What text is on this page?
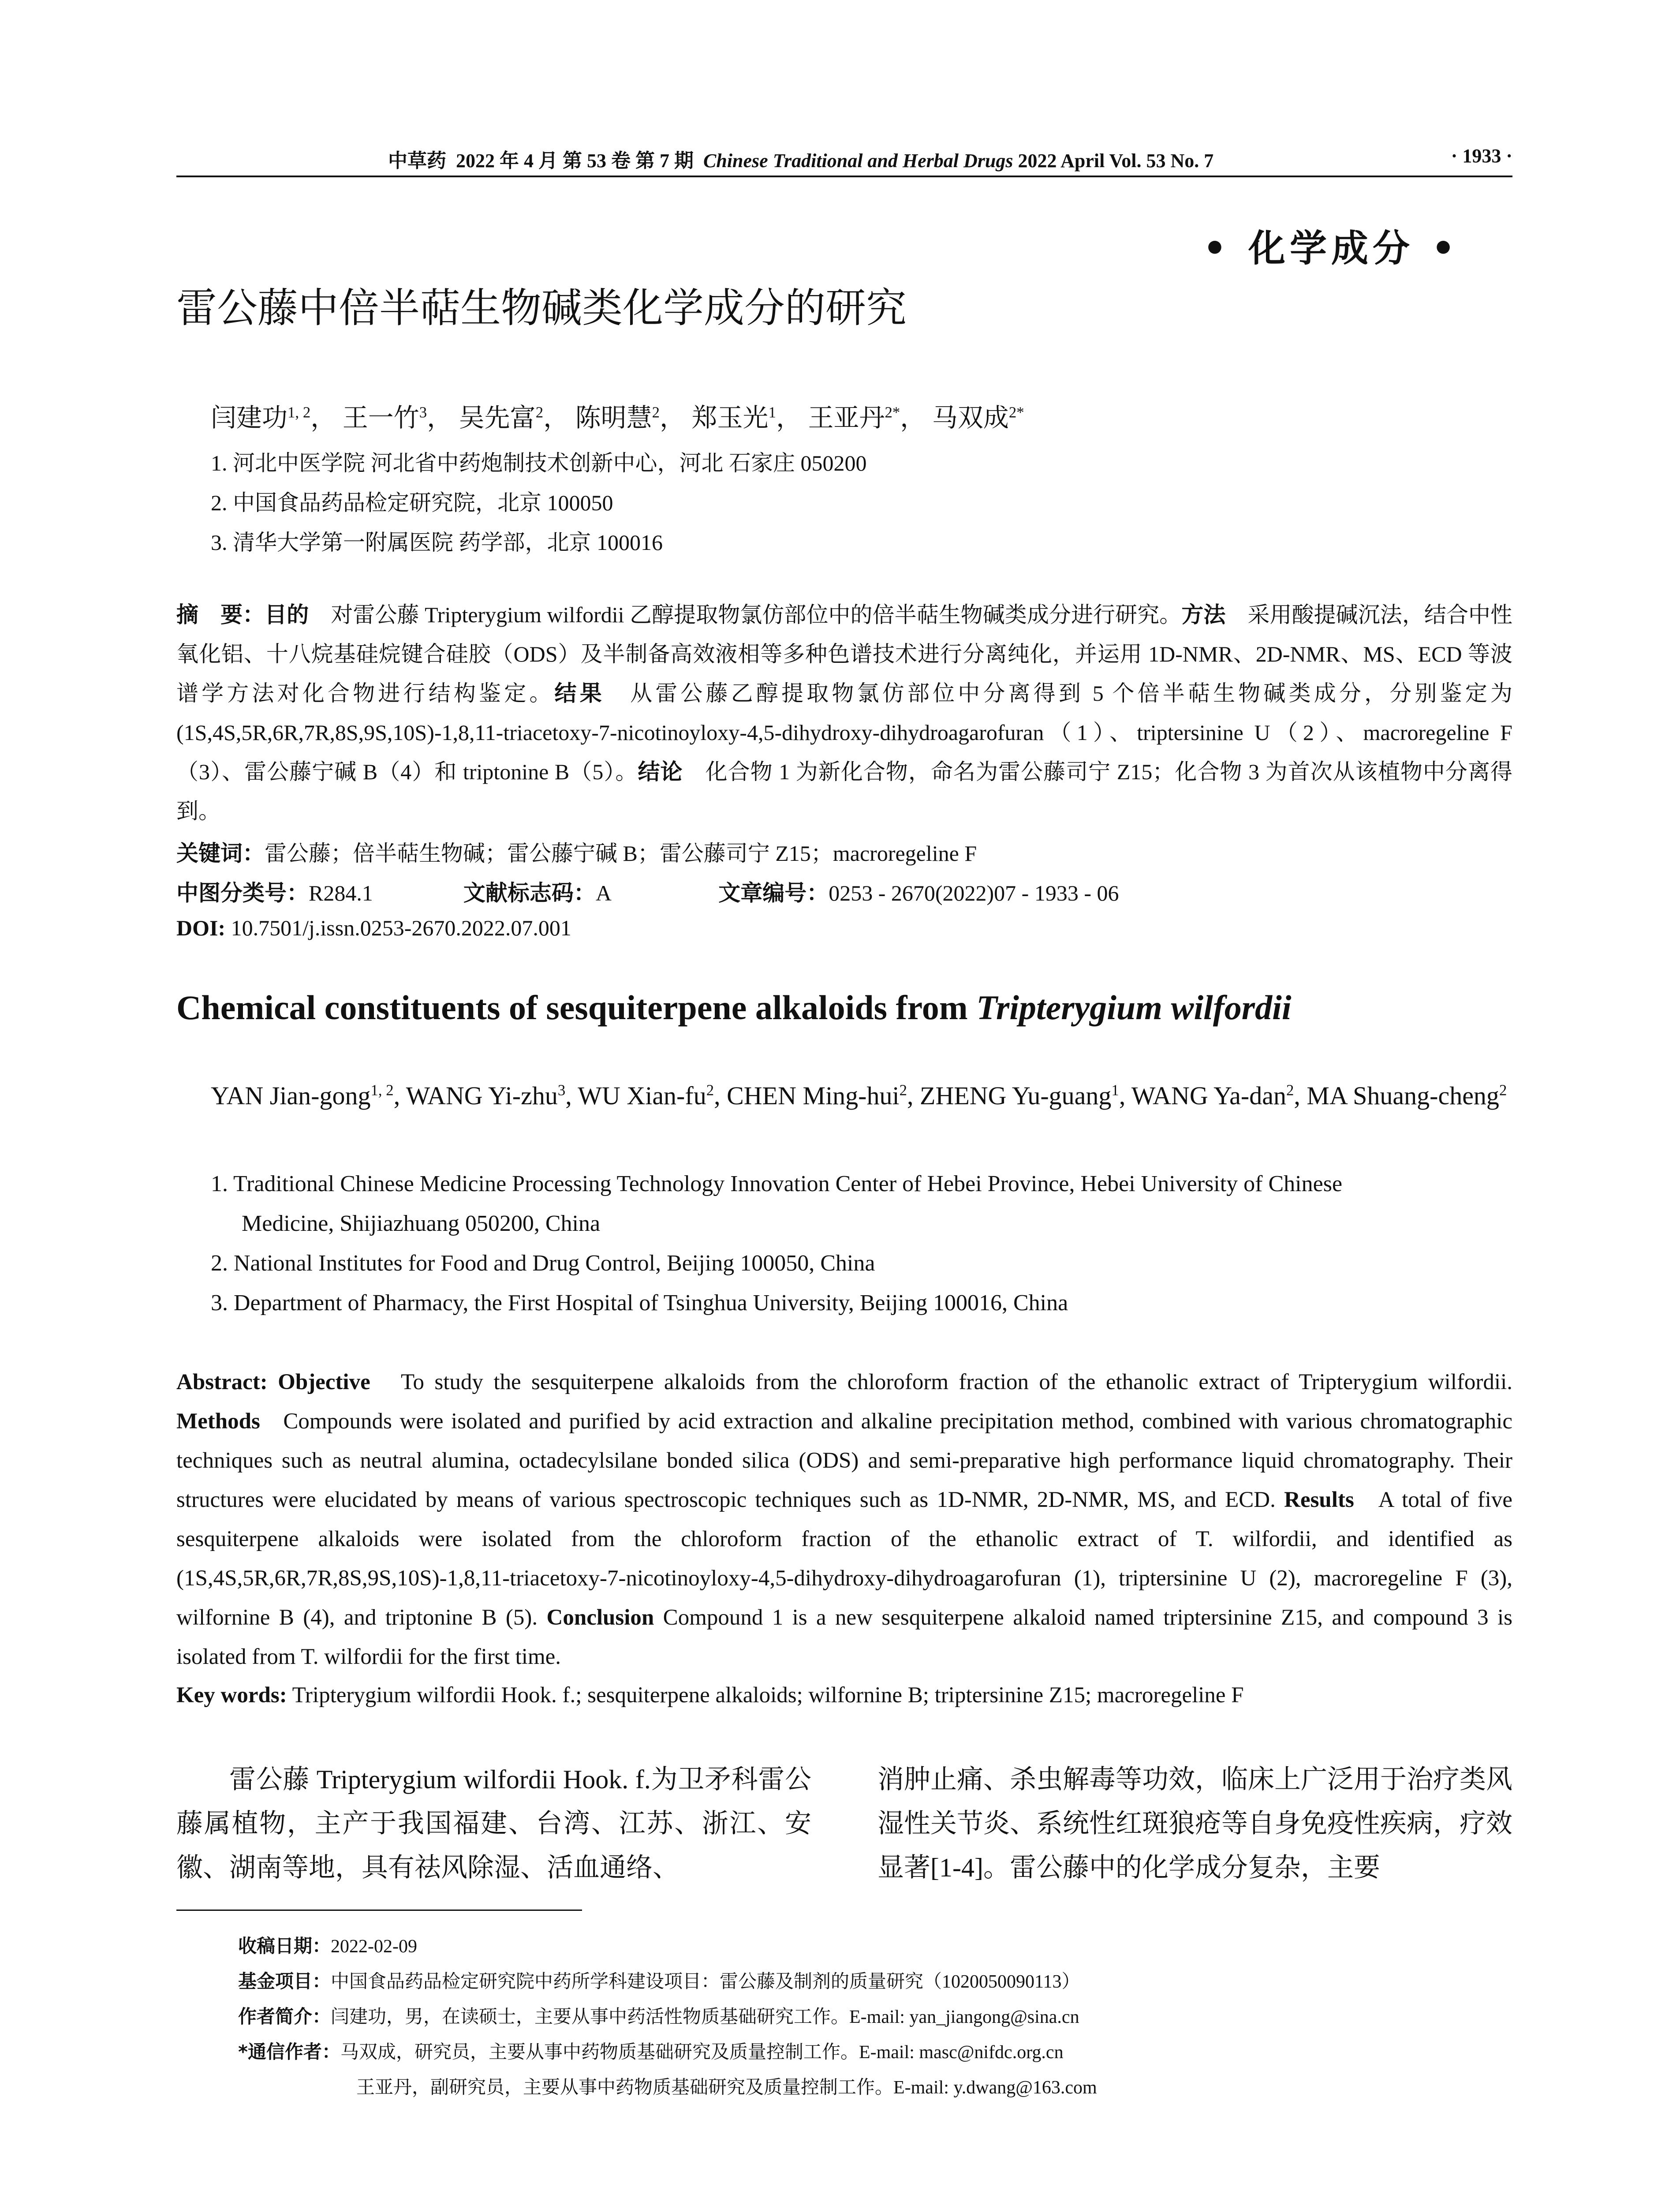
中草药 2022 年 4 月 第 53 卷 第 7 期 Chinese Traditional and Herbal Drugs 2022 April Vol. 53 No. 7	· 1933 ·
• 化学成分 •
雷公藤中倍半萜生物碱类化学成分的研究
闫建功$^{1, 2}$， 王一竹$^3$， 吴先富$^2$， 陈明慧$^2$， 郑玉光$^1$， 王亚丹$^{2*}$， 马双成$^{2*}$
1. 河北中医学院 河北省中药炮制技术创新中心，河北 石家庄 050200
2. 中国食品药品检定研究院，北京 100050
3. 清华大学第一附属医院 药学部，北京 100016
摘　要：目的　 对雷公藤 Tripterygium wilfordii 乙醇提取物氯仿部位中的倍半萜生物碱类成分进行研究。方法　 采用酸提碱沉法，结合中性氧化铝、十八烷基硅烷键合硅胶（ODS）及半制备高效液相等多种色谱技术进行分离纯化，并运用 1D-NMR、2D-NMR、MS、ECD 等波谱学方法对化合物进行结构鉴定。结果　 从雷公藤乙醇提取物氯仿部位中分离得到 5 个倍半萜生物碱类成分，分别鉴定为 (1S,4S,5R,6R,7R,8S,9S,10S)-1,8,11-triacetoxy-7-nicotinoyloxy-4,5-dihydroxy-dihydroagarofuran（1）、triptersinine U（2）、macroregeline F（3）、雷公藤宁碱 B（4）和 triptonine B（5）。结论　 化合物 1 为新化合物，命名为雷公藤司宁 Z15；化合物 3 为首次从该植物中分离得到。
关键词：雷公藤；倍半萜生物碱；雷公藤宁碱 B；雷公藤司宁 Z15；macroregeline F
中图分类号：R284.1	文献标志码：A	文章编号：0253 - 2670(2022)07 - 1933 - 06
DOI: 10.7501/j.issn.0253-2670.2022.07.001
Chemical constituents of sesquiterpene alkaloids from Tripterygium wilfordii
YAN Jian-gong$^{1, 2}$, WANG Yi-zhu$^3$, WU Xian-$fu^2$, CHEN Ming-hui$^2$, ZHENG Yu-guang$^1$, WANG Ya-dan$^2$, MA Shuang-cheng$^2$
1. Traditional Chinese Medicine Processing Technology Innovation Center of Hebei Province, Hebei University of Chinese
Medicine, Shijiazhuang 050200, China
2. National Institutes for Food and Drug Control, Beijing 100050, China
3. Department of Pharmacy, the First Hospital of Tsinghua University, Beijing 100016, China
Abstract: Objective To study the sesquiterpene alkaloids from the chloroform fraction of the ethanolic extract of Tripterygium wilfordii. Methods Compounds were isolated and purified by acid extraction and alkaline precipitation method, combined with various chromatographic techniques such as neutral alumina, octadecylsilane bonded silica (ODS) and semi-preparative high performance liquid chromatography. Their structures were elucidated by means of various spectroscopic techniques such as 1D-NMR, 2D-NMR, MS, and ECD. Results A total of five sesquiterpene alkaloids were isolated from the chloroform fraction of the ethanolic extract of T. wilfordii, and identified as (1S,4S,5R,6R,7R,8S,9S,10S)-1,8,11-triacetoxy-7-nicotinoyloxy-4,5-dihydroxy-dihydroagarofuran (1), triptersinine U (2), macroregeline F (3), wilfornine B (4), and triptonine B (5). Conclusion Compound 1 is a new sesquiterpene alkaloid named triptersinine Z15, and compound 3 is isolated from T. wilfordii for the first time.
Key words: Tripterygium wilfordii Hook. f.; sesquiterpene alkaloids; wilfornine B; triptersinine Z15; macroregeline F
雷公藤 Tripterygium wilfordii Hook. f.为卫矛科雷公藤属植物，主产于我国福建、台湾、江苏、浙江、安徽、湖南等地，具有祛风除湿、活血通络、
消肿止痛、杀虫解毒等功效，临床上广泛用于治疗类风湿性关节炎、系统性红斑狼疮等自身免疫性疾病，疗效显著[1-4]。雷公藤中的化学成分复杂，主要
收稿日期：2022-02-09
基金项目：中国食品药品检定研究院中药所学科建设项目：雷公藤及制剂的质量研究（1020050090113）
作者简介：闫建功，男，在读硕士，主要从事中药活性物质基础研究工作。E-mail: yan_jiangong@sina.cn
*通信作者：马双成，研究员，主要从事中药物质基础研究及质量控制工作。E-mail: masc@nifdc.org.cn
王亚丹，副研究员，主要从事中药物质基础研究及质量控制工作。E-mail: y.dwang@163.com
